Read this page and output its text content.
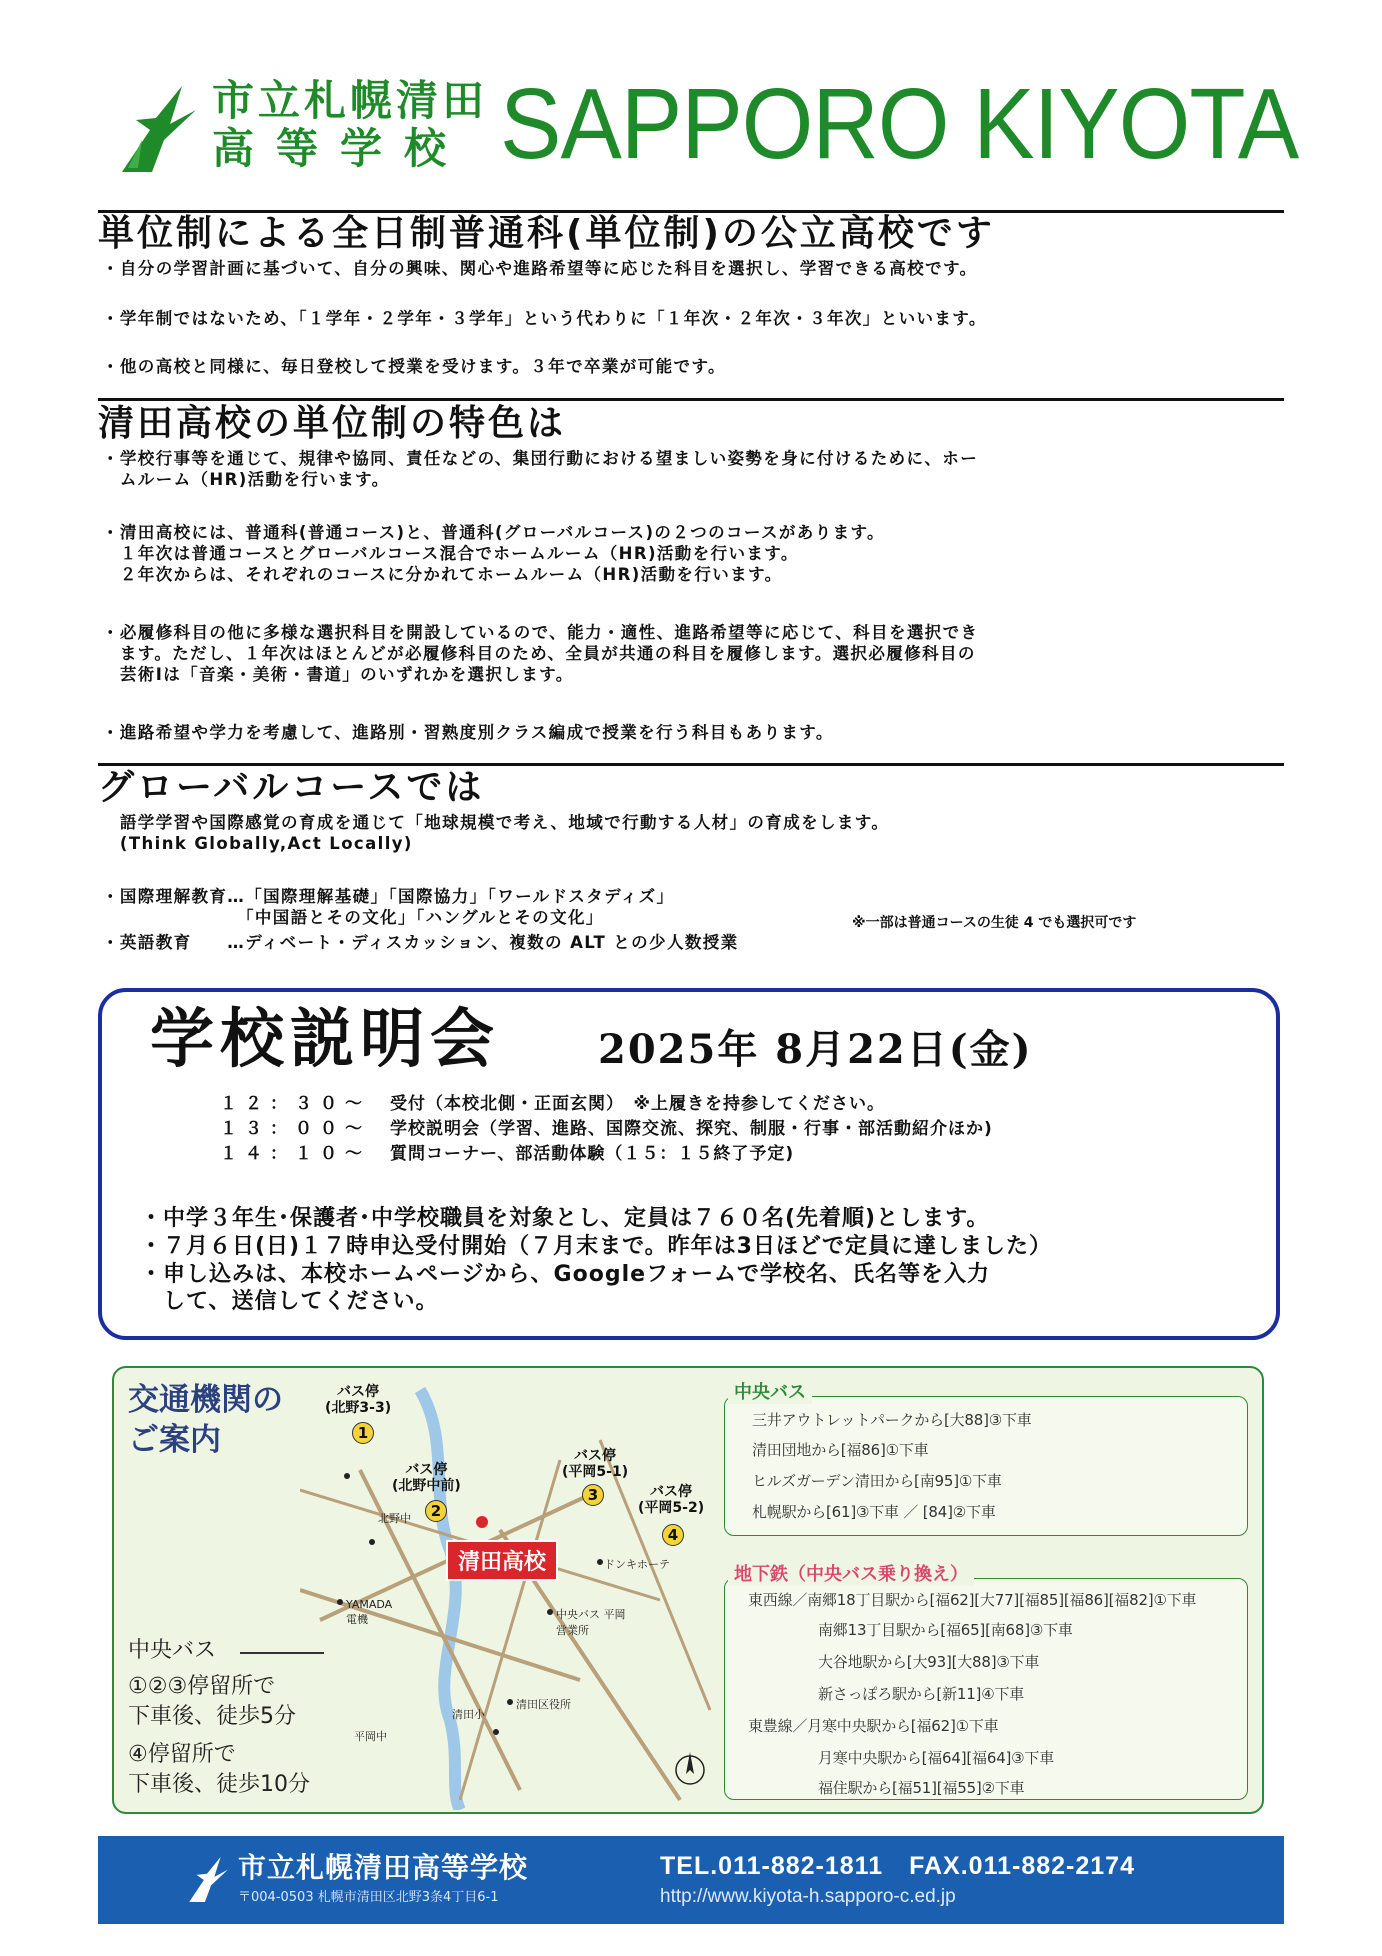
市立札幌清田
高等学校 SAPPORO KIYOTA
単位制による全日制普通科(単位制)の公立高校です
・自分の学習計画に基づいて、自分の興味、関心や進路希望等に応じた科目を選択し、学習できる高校です。
・学年制ではないため、「１学年・２学年・３学年」という代わりに「１年次・２年次・３年次」といいます。
・他の高校と同様に、毎日登校して授業を受けます。３年で卒業が可能です。
清田高校の単位制の特色は
・学校行事等を通じて、規律や協同、責任などの、集団行動における望ましい姿勢を身に付けるために、ホー
　ムルーム（HR)活動を行います。
・清田高校には、普通科(普通コース)と、普通科(グローバルコース)の２つのコースがあります。
　１年次は普通コースとグローバルコース混合でホームルーム（HR)活動を行います。
　２年次からは、それぞれのコースに分かれてホームルーム（HR)活動を行います。
・必履修科目の他に多様な選択科目を開設しているので、能力・適性、進路希望等に応じて、科目を選択でき
　ます。ただし、１年次はほとんどが必履修科目のため、全員が共通の科目を履修します。選択必履修科目の
　芸術Ⅰは「音楽・美術・書道」のいずれかを選択します。
・進路希望や学力を考慮して、進路別・習熟度別クラス編成で授業を行う科目もあります。
グローバルコースでは
　語学学習や国際感覚の育成を通じて「地球規模で考え、地域で行動する人材」の育成をします。
　(Think Globally,Act Locally)
・国際理解教育…「国際理解基礎」「国際協力」「ワールドスタディズ」
　　　　　　　　「中国語とその文化」「ハングルとその文化」
・英語教育　　…ディベート・ディスカッション、複数の ALT との少人数授業
※一部は普通コースの生徒 4 でも選択可です
学校説明会 2025年 8月22日(金)
１２：３０～ 受付（本校北側・正面玄関）　※上履きを持参してください。
１３：００～ 学校説明会（学習、進路、国際交流、探究、制服・行事・部活動紹介ほか)
１４：１０～ 質問コーナー、部活動体験（１５：１５終了予定)
・中学３年生･保護者･中学校職員を対象とし、定員は７６０名(先着順)とします。
・７月６日(日)１７時申込受付開始（７月末まで。昨年は3日ほどで定員に達しました）
・申し込みは、本校ホームページから、Googleフォームで学校名、氏名等を入力
　して、送信してください。
交通機関の
ご案内
清田高校
バス停
(北野3-3)
1
バス停
(北野中前)
2
バス停
(平岡5-1)
3	バス停
(平岡5-2)
4
北野中
ドンキホーテ
中央バス 平岡営業所
清田区役所
清田小
YAMADA 電機
平岡中
中央バス
①②③停留所で
下車後、徒歩5分
④停留所で
下車後、徒歩10分
中央バス
三井アウトレットパークから[大88]③下車
清田団地から[福86]①下車
ヒルズガーデン清田から[南95]①下車
札幌駅から[61]③下車 ／ [84]②下車
地下鉄（中央バス乗り換え）
東西線／南郷18丁目駅から[福62][大77][福85][福86][福82]①下車
南郷13丁目駅から[福65][南68]③下車
大谷地駅から[大93][大88]③下車
新さっぽろ駅から[新11]④下車
東豊線／月寒中央駅から[福62]①下車
月寒中央駅から[福64][福64]③下車
福住駅から[福51][福55]②下車
市立札幌清田高等学校
〒004-0503 札幌市清田区北野3条4丁目6-1
TEL.011-882-1811　FAX.011-882-2174
http://www.kiyota-h.sapporo-c.ed.jp
